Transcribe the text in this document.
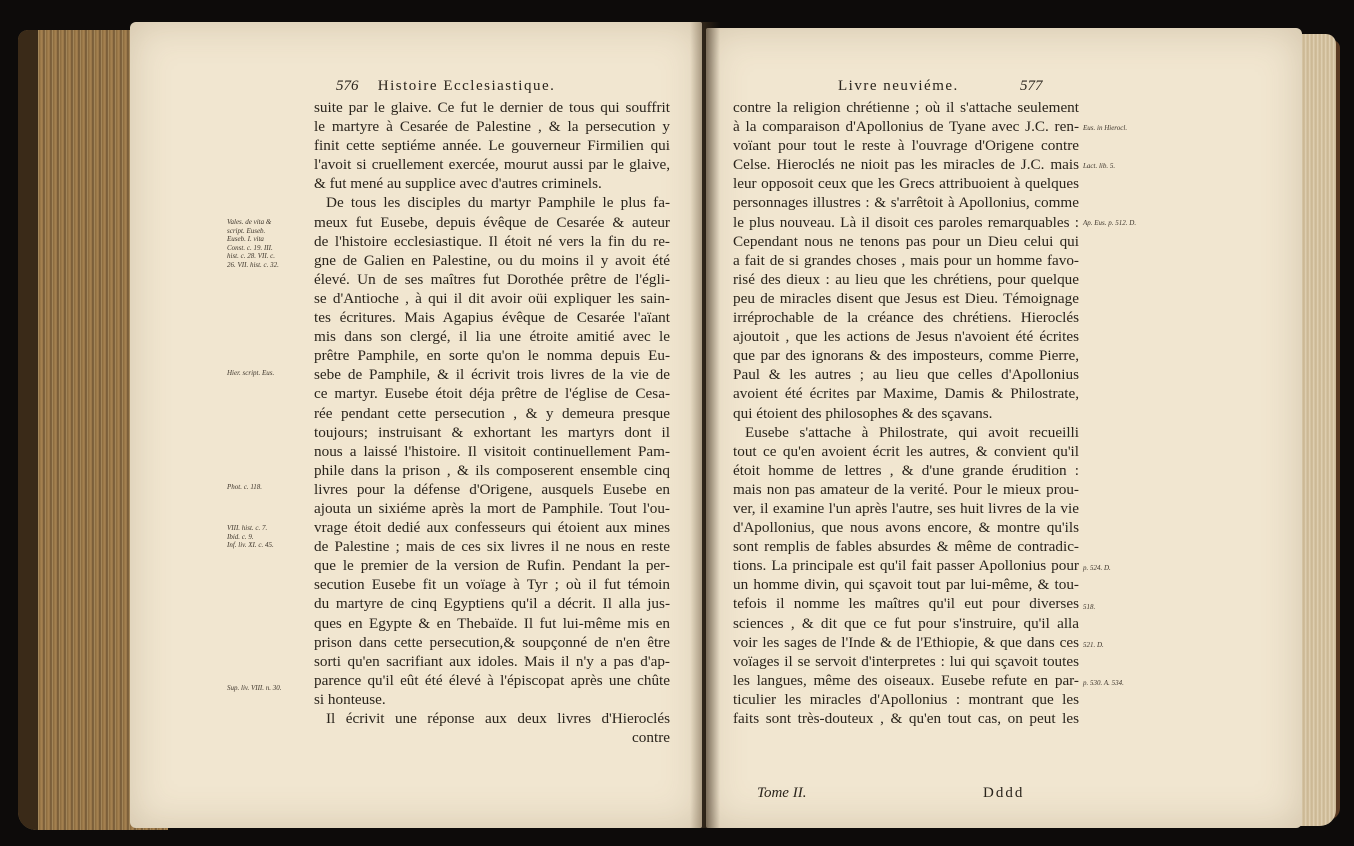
576 Histoire Ecclesiastique.	Livre neuviéme.	577
suite par le glaive. Ce fut le dernier de tous qui souffrit
le martyre à Cesarée de Palestine , & la persecution y
finit cette septiéme année. Le gouverneur Firmilien qui
l'avoit si cruellement exercée, mourut aussi par le glaive,
& fut mené au supplice avec d'autres criminels.
De tous les disciples du martyr Pamphile le plus fa-
meux fut Eusebe, depuis évêque de Cesarée & auteur
de l'histoire ecclesiastique. Il étoit né vers la fin du re-
gne de Galien en Palestine, ou du moins il y avoit été
élevé. Un de ses maîtres fut Dorothée prêtre de l'égli-
se d'Antioche , à qui il dit avoir oüi expliquer les sain-
tes écritures. Mais Agapius évêque de Cesarée l'aïant
mis dans son clergé, il lia une étroite amitié avec le
prêtre Pamphile, en sorte qu'on le nomma depuis Eu-
sebe de Pamphile, & il écrivit trois livres de la vie de
ce martyr. Eusebe étoit déja prêtre de l'église de Cesa-
rée pendant cette persecution , & y demeura presque
toujours; instruisant & exhortant les martyrs dont il
nous a laissé l'histoire. Il visitoit continuellement Pam-
phile dans la prison , & ils composerent ensemble cinq
livres pour la défense d'Origene, ausquels Eusebe en
ajouta un sixiéme après la mort de Pamphile. Tout l'ou-
vrage étoit dedié aux confesseurs qui étoient aux mines
de Palestine ; mais de ces six livres il ne nous en reste
que le premier de la version de Rufin. Pendant la per-
secution Eusebe fit un voïage à Tyr ; où il fut témoin
du martyre de cinq Egyptiens qu'il a décrit. Il alla jus-
ques en Egypte & en Thebaïde. Il fut lui-même mis en
prison dans cette persecution,& soupçonné de n'en être
sorti qu'en sacrifiant aux idoles. Mais il n'y a pas d'ap-
parence qu'il eût été élevé à l'épiscopat après une chûte
si honteuse.
Il écrivit une réponse aux deux livres d'Hieroclés
contre
Vales. de vita &
script. Euseb.
Euseb. I. vita
Const. c. 19. III.
hist. c. 28. VII. c.
26. VII. hist. c. 32.
Hier. script. Eus.
Phot. c. 118.
VIII. hist. c. 7.
Ibid. c. 9.
Inf. liv. XI. c. 45.
Sup. liv. VIII. n. 30.
contre la religion chrétienne ; où il s'attache seulement
à la comparaison d'Apollonius de Tyane avec J.C. ren-
voïant pour tout le reste à l'ouvrage d'Origene contre
Celse. Hieroclés ne nioit pas les miracles de J.C. mais
leur opposoit ceux que les Grecs attribuoient à quelques
personnages illustres : & s'arrêtoit à Apollonius, comme
le plus nouveau. Là il disoit ces paroles remarquables :
Cependant nous ne tenons pas pour un Dieu celui qui
a fait de si grandes choses , mais pour un homme favo-
risé des dieux : au lieu que les chrétiens, pour quelque
peu de miracles disent que Jesus est Dieu. Témoignage
irréprochable de la créance des chrétiens. Hieroclés
ajoutoit , que les actions de Jesus n'avoient été écrites
que par des ignorans & des imposteurs, comme Pierre,
Paul & les autres ; au lieu que celles d'Apollonius
avoient été écrites par Maxime, Damis & Philostrate,
qui étoient des philosophes & des sçavans.
Eusebe s'attache à Philostrate, qui avoit recueilli
tout ce qu'en avoient écrit les autres, & convient qu'il
étoit homme de lettres , & d'une grande érudition :
mais non pas amateur de la verité. Pour le mieux prou-
ver, il examine l'un après l'autre, ses huit livres de la vie
d'Apollonius, que nous avons encore, & montre qu'ils
sont remplis de fables absurdes & même de contradic-
tions. La principale est qu'il fait passer Apollonius pour
un homme divin, qui sçavoit tout par lui-même, & tou-
tefois il nomme les maîtres qu'il eut pour diverses
sciences , & dit que ce fut pour s'instruire, qu'il alla
voir les sages de l'Inde & de l'Ethiopie, & que dans ces
voïages il se servoit d'interpretes : lui qui sçavoit toutes
les langues, même des oiseaux. Eusebe refute en par-
ticulier les miracles d'Apollonius : montrant que les
faits sont très-douteux , & qu'en tout cas, on peut les
Eus. in Hierocl.
Lact. lib. 5.
Ap. Eus. p. 512. D.
p. 524. D.
518.
521. D.
p. 530. A. 534.
Tome II.	Dddd
